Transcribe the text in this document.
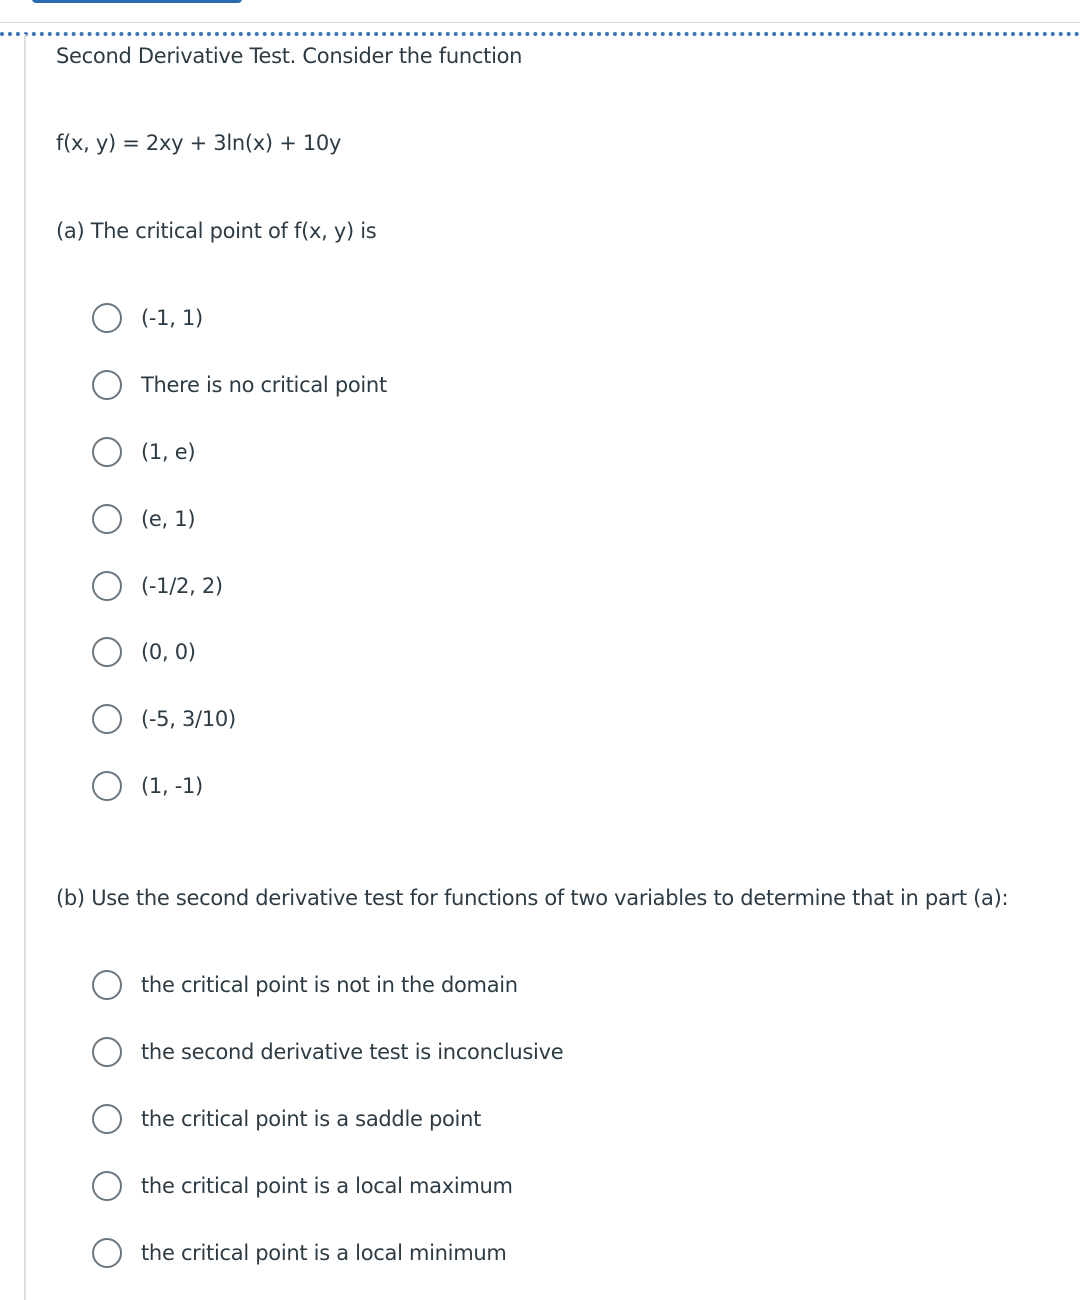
Second Derivative Test. Consider the function
f(x, y) = 2xy + 3ln(x) + 10y
(a) The critical point of f(x, y) is
(-1, 1)
There is no critical point
(1, e)
(e, 1)
(-1/2, 2)
(0, 0)
(-5, 3/10)
(1, -1)
(b) Use the second derivative test for functions of two variables to determine that in part (a):
the critical point is not in the domain
the second derivative test is inconclusive
the critical point is a saddle point
the critical point is a local maximum
the critical point is a local minimum
